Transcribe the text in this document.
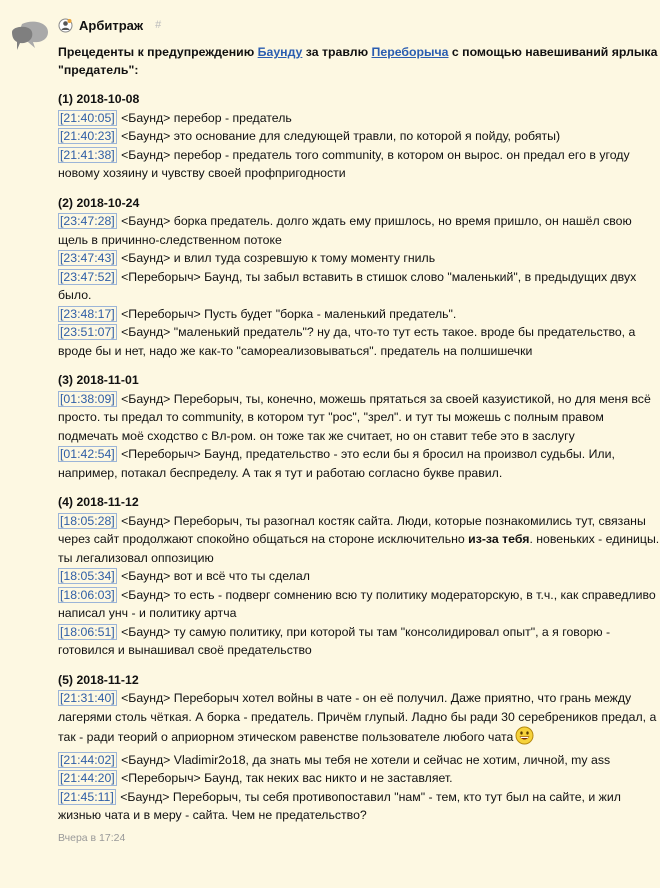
Арбитраж #
Прецеденты к предупреждению Бaунду за травлю Переборыча с помощью навешиваний ярлыка "предатель":
(1) 2018-10-08
[21:40:05] <Баунд> перебор - предатель
[21:40:23] <Баунд> это основание для следующей травли, по которой я пойду, робяты)
[21:41:38] <Баунд> перебор - предатель того community, в котором он вырос. он предал его в угоду новому хозяину и чувству своей профпригодности
(2) 2018-10-24
[23:47:28] <Баунд> борка предатель. долго ждать ему пришлось, но время пришло, он нашёл свою щель в причинно-следственном потоке
[23:47:43] <Баунд> и влил туда созревшую к тому моменту гниль
[23:47:52] <Переборыч> Баунд, ты забыл вставить в стишок слово "маленький", в предыдущих двух было.
[23:48:17] <Переборыч> Пусть будет "борка - маленький предатель".
[23:51:07] <Баунд> "маленький предатель"? ну да, что-то тут есть такое. вроде бы предательство, а вроде бы и нет, надо же как-то "самореализовываться". предатель на полшишечки
(3) 2018-11-01
[01:38:09] <Баунд> Переборыч, ты, конечно, можешь прятаться за своей казуистикой, но для меня всё просто. ты предал то community, в котором тут "рос", "зрел". и тут ты можешь с полным правом подмечать моё сходство с Вл-ром. он тоже так же считает, но он ставит тебе это в заслугу
[01:42:54] <Переборыч> Баунд, предательство - это если бы я бросил на произвол судьбы. Или, например, потакал беспределу. А так я тут и работаю согласно букве правил.
(4) 2018-11-12
[18:05:28] <Баунд> Переборыч, ты разогнал костяк сайта. Люди, которые познакомились тут, связаны через сайт продолжают спокойно общаться на стороне исключительно из-за тебя. новеньких - единицы. ты легализовал оппозицию
[18:05:34] <Баунд> вот и всё что ты сделал
[18:06:03] <Баунд> то есть - подверг сомнению всю ту политику модераторскую, в т.ч., как справедливо написал унч - и политику артча
[18:06:51] <Баунд> ту самую политику, при которой ты там "консолидировал опыт", а я говорю - готовился и вынашивал своё предательство
(5) 2018-11-12
[21:31:40] <Баунд> Переборыч хотел войны в чате - он её получил. Даже приятно, что грань между лагерями столь чёткая. А борка - предатель. Причём глупый. Ладно бы ради 30 серебреников предал, а так - ради теорий о априорном этическом равенстве пользователе любого чата
[21:44:02] <Баунд> Vladimir2o18, да знать мы тебя не хотели и сейчас не хотим, личной, my ass
[21:44:20] <Переборыч> Баунд, так неких вас никто и не заставляет.
[21:45:11] <Баунд> Переборыч, ты себя противопоставил "нам" - тем, кто тут был на сайте, и жил жизнью чата и в меру - сайта. Чем не предательство?
Вчера в 17:24
